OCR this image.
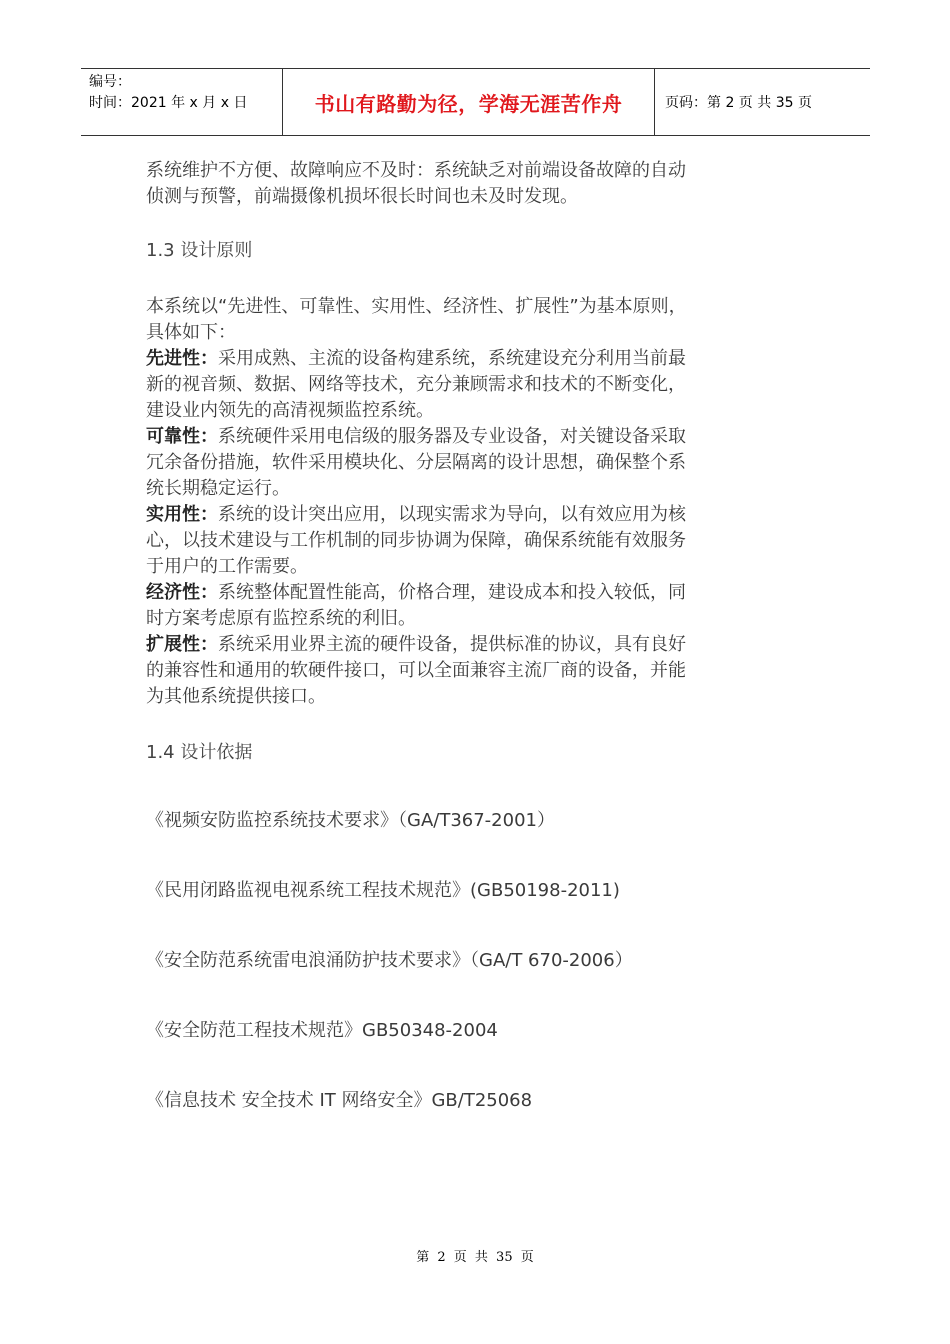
编号：
时间：2021 年 x 月 x 日	书山有路勤为径，学海无涯苦作舟	页码：第 2 页 共 35 页

系统维护不方便、故障响应不及时：系统缺乏对前端设备故障的自动
侦测与预警，前端摄像机损坏很长时间也未及时发现。

1.3 设计原则

本系统以“先进性、可靠性、实用性、经济性、扩展性”为基本原则，
具体如下：

先进性：采用成熟、主流的设备构建系统，系统建设充分利用当前最
新的视音频、数据、网络等技术，充分兼顾需求和技术的不断变化，
建设业内领先的高清视频监控系统。

可靠性：系统硬件采用电信级的服务器及专业设备，对关键设备采取
冗余备份措施，软件采用模块化、分层隔离的设计思想，确保整个系
统长期稳定运行。

实用性：系统的设计突出应用，以现实需求为导向，以有效应用为核
心，以技术建设与工作机制的同步协调为保障，确保系统能有效服务
于用户的工作需要。

经济性：系统整体配置性能高，价格合理，建设成本和投入较低，同
时方案考虑原有监控系统的利旧。

扩展性：系统采用业界主流的硬件设备，提供标准的协议，具有良好
的兼容性和通用的软硬件接口，可以全面兼容主流厂商的设备，并能
为其他系统提供接口。

1.4 设计依据

《视频安防监控系统技术要求》（GA/T367-2001）

《民用闭路监视电视系统工程技术规范》(GB50198-2011)

《安全防范系统雷电浪涌防护技术要求》（GA/T 670-2006）

《安全防范工程技术规范》GB50348-2004

《信息技术 安全技术 IT 网络安全》GB/T25068

第 2 页 共 35 页
